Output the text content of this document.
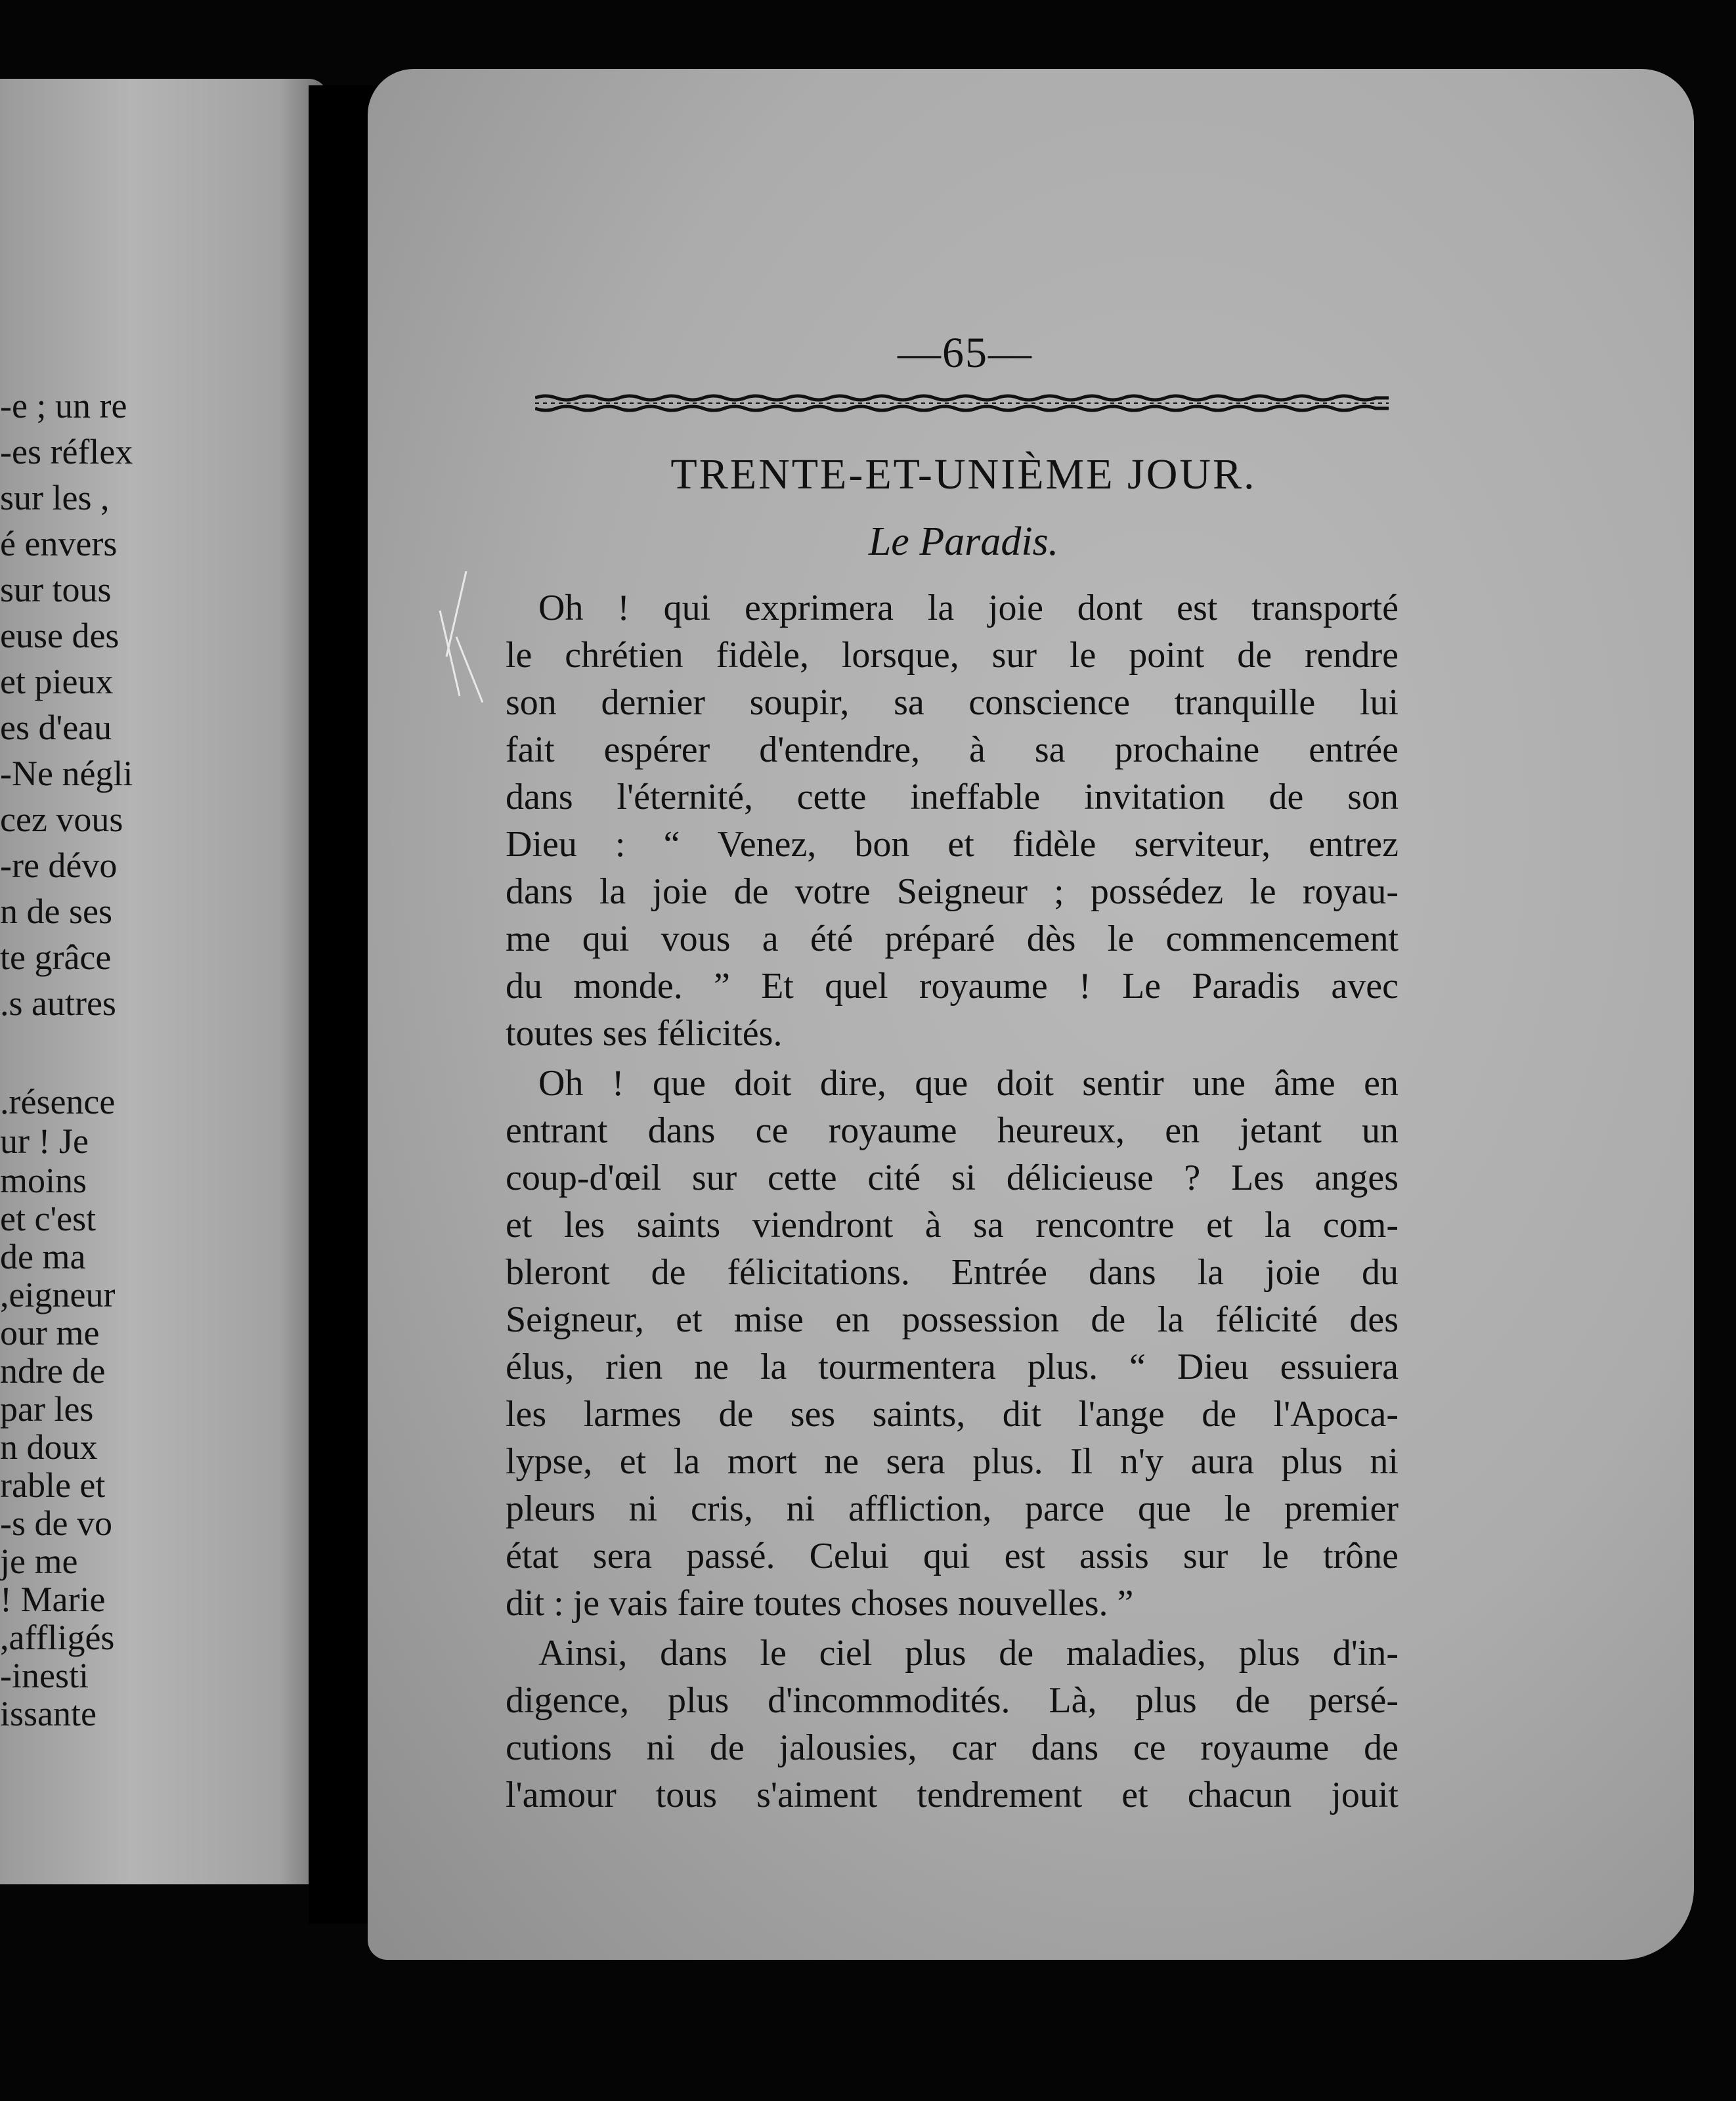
e ; un re-
es réflex-
, sur les
é envers
sur tous
euse des
et pieux
es d'eau
Ne négli-
cez vous
re dévo-
n de ses
te grâce
s autres.
résence.
ur ! Je
moins
et c'est
de ma
eigneur,
our me
ndre de
par les
n doux
rable et
s de vo-
je me
Marie !
affligés,
inesti-
issante
—65—
TRENTE-ET-UNIÈME JOUR.
Le Paradis.
Oh ! qui exprimera la joie dont est transporté
le chrétien fidèle, lorsque, sur le point de rendre
son dernier soupir, sa conscience tranquille lui
fait espérer d'entendre, à sa prochaine entrée
dans l'éternité, cette ineffable invitation de son
Dieu : “ Venez, bon et fidèle serviteur, entrez
dans la joie de votre Seigneur ; possédez le royau-
me qui vous a été préparé dès le commencement
du monde. ” Et quel royaume ! Le Paradis avec
toutes ses félicités.
Oh ! que doit dire, que doit sentir une âme en
entrant dans ce royaume heureux, en jetant un
coup-d'œil sur cette cité si délicieuse ? Les anges
et les saints viendront à sa rencontre et la com-
bleront de félicitations. Entrée dans la joie du
Seigneur, et mise en possession de la félicité des
élus, rien ne la tourmentera plus. “ Dieu essuiera
les larmes de ses saints, dit l'ange de l'Apoca-
lypse, et la mort ne sera plus. Il n'y aura plus ni
pleurs ni cris, ni affliction, parce que le premier
état sera passé. Celui qui est assis sur le trône
dit : je vais faire toutes choses nouvelles. ”
Ainsi, dans le ciel plus de maladies, plus d'in-
digence, plus d'incommodités. Là, plus de persé-
cutions ni de jalousies, car dans ce royaume de
l'amour tous s'aiment tendrement et chacun jouit
